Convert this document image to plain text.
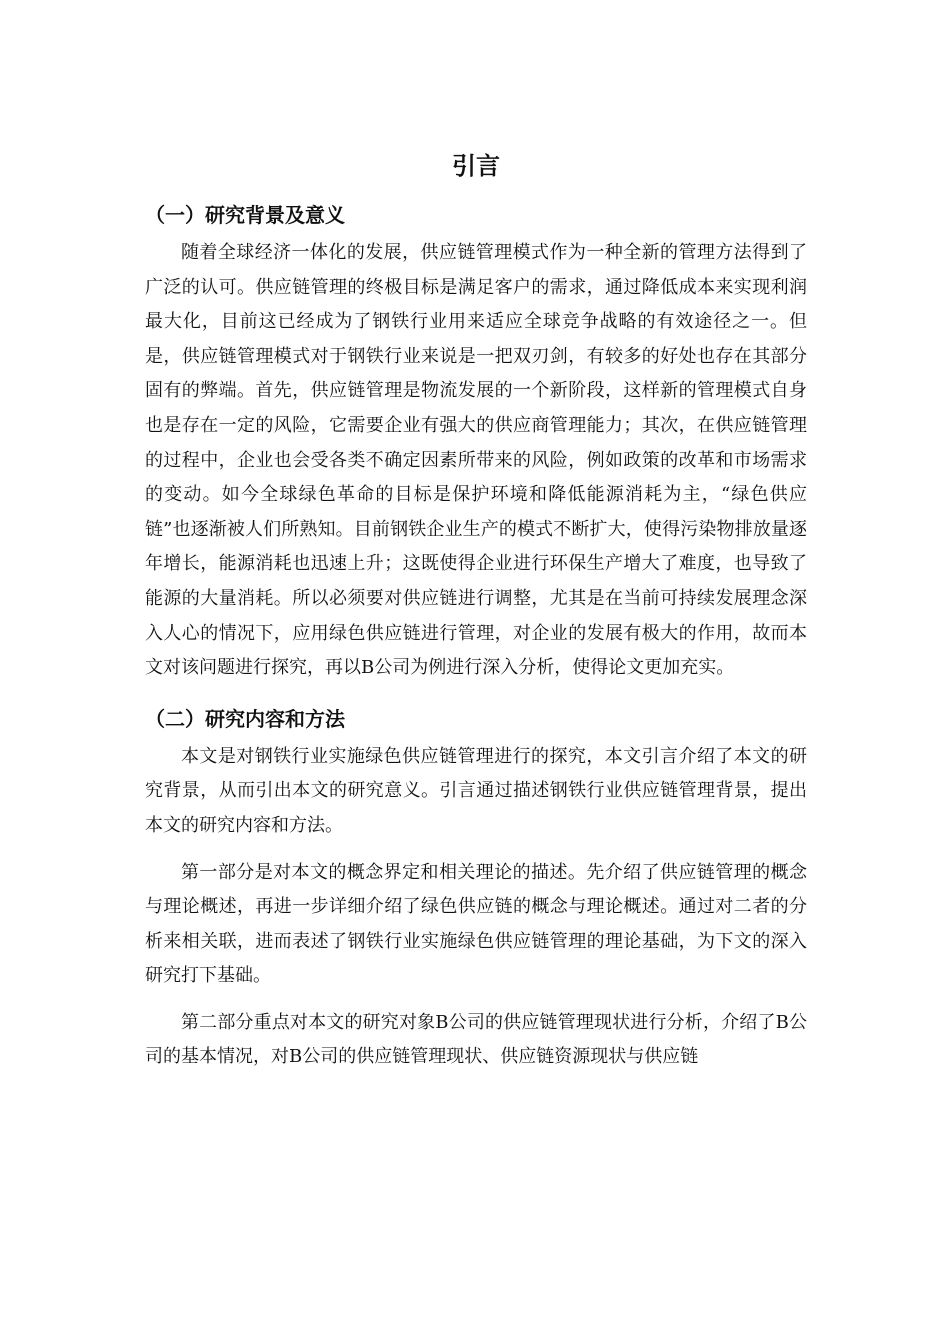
引言
（一）研究背景及意义

随着全球经济一体化的发展，供应链管理模式作为一种全新的管理方法得到了广泛的认可。供应链管理的终极目标是满足客户的需求，通过降低成本来实现利润最大化，目前这已经成为了钢铁行业用来适应全球竞争战略的有效途径之一。但是，供应链管理模式对于钢铁行业来说是一把双刃剑，有较多的好处也存在其部分固有的弊端。首先，供应链管理是物流发展的一个新阶段，这样新的管理模式自身也是存在一定的风险，它需要企业有强大的供应商管理能力；其次，在供应链管理的过程中，企业也会受各类不确定因素所带来的风险，例如政策的改革和市场需求的变动。如今全球绿色革命的目标是保护环境和降低能源消耗为主，“绿色供应链”也逐渐被人们所熟知。目前钢铁企业生产的模式不断扩大，使得污染物排放量逐年增长，能源消耗也迅速上升；这既使得企业进行环保生产增大了难度，也导致了能源的大量消耗。所以必须要对供应链进行调整，尤其是在当前可持续发展理念深入人心的情况下，应用绿色供应链进行管理，对企业的发展有极大的作用，故而本文对该问题进行探究，再以B公司为例进行深入分析，使得论文更加充实。

（二）研究内容和方法

本文是对钢铁行业实施绿色供应链管理进行的探究，本文引言介绍了本文的研究背景，从而引出本文的研究意义。引言通过描述钢铁行业供应链管理背景，提出本文的研究内容和方法。

第一部分是对本文的概念界定和相关理论的描述。先介绍了供应链管理的概念与理论概述，再进一步详细介绍了绿色供应链的概念与理论概述。通过对二者的分析来相关联，进而表述了钢铁行业实施绿色供应链管理的理论基础，为下文的深入研究打下基础。

第二部分重点对本文的研究对象B公司的供应链管理现状进行分析，介绍了B公司的基本情况，对B公司的供应链管理现状、供应链资源现状与供应链
